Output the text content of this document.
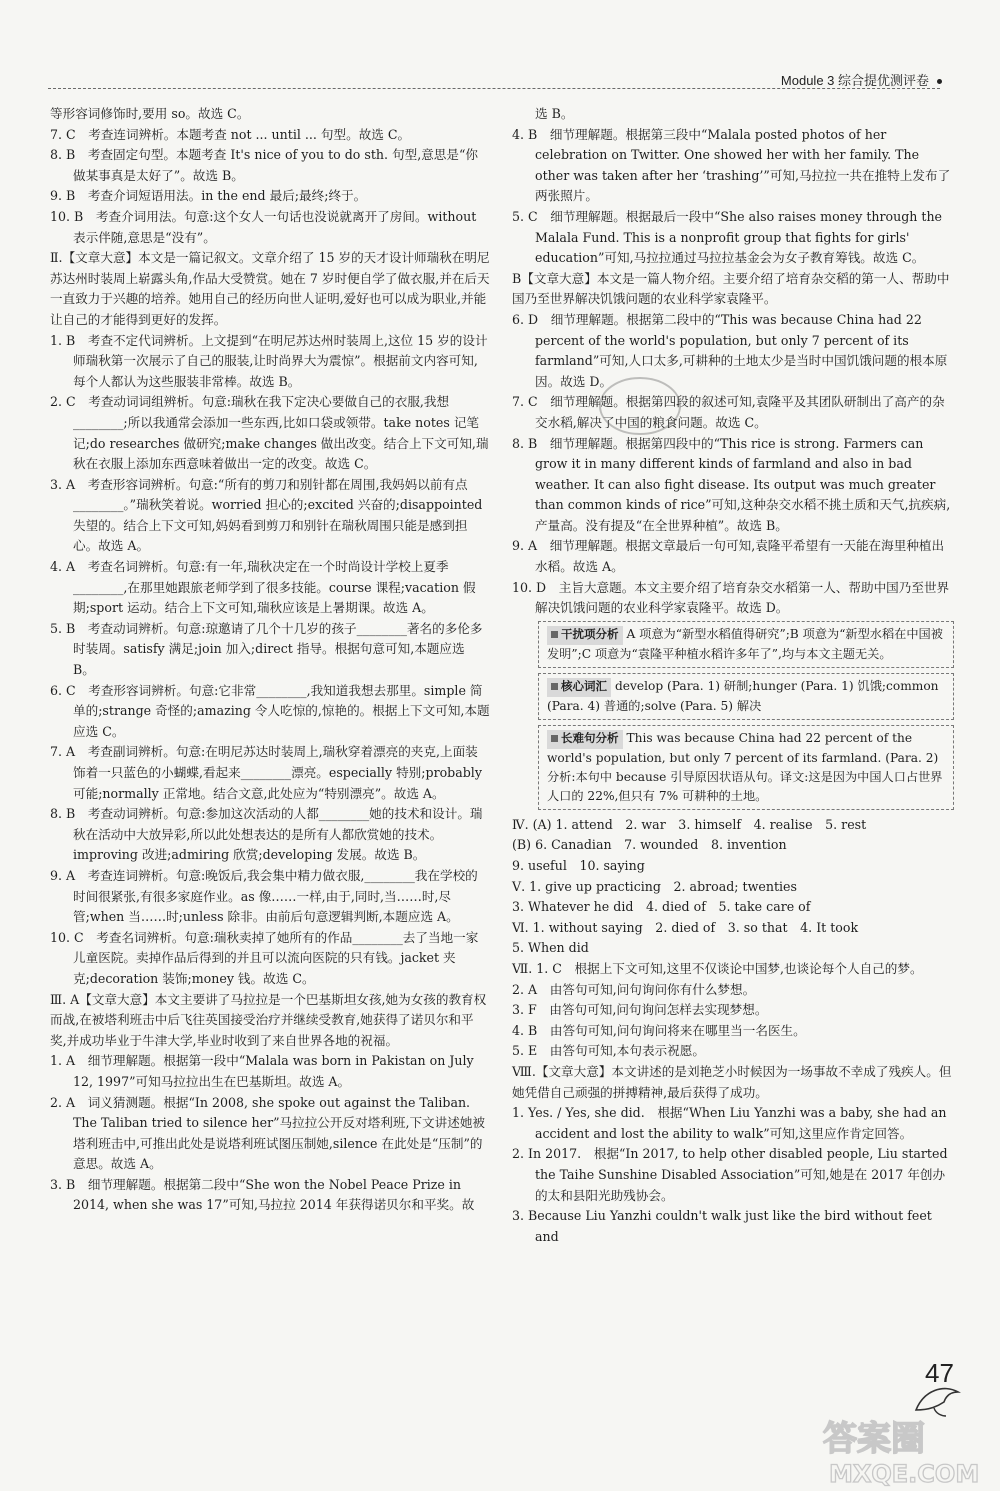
Module 3 综合提优测评卷

等形容词修饰时,要用 so。故选 C。

7. C　考查连词辨析。本题考查 not ... until ... 句型。故选 C。

8. B　考查固定句型。本题考查 It's nice of you to do sth. 句型,意思是“你做某事真是太好了”。故选 B。

9. B　考查介词短语用法。in the end 最后;最终;终于。

10. B　考查介词用法。句意:这个女人一句话也没说就离开了房间。without 表示伴随,意思是“没有”。

Ⅱ.【文章大意】本文是一篇记叙文。文章介绍了 15 岁的天才设计师瑞秋在明尼苏达州时装周上崭露头角,作品大受赞赏。她在 7 岁时便自学了做衣服,并在后天一直致力于兴趣的培养。她用自己的经历向世人证明,爱好也可以成为职业,并能让自己的才能得到更好的发挥。

1. B　考查不定代词辨析。上文提到“在明尼苏达州时装周上,这位 15 岁的设计师瑞秋第一次展示了自己的服装,让时尚界大为震惊”。根据前文内容可知,每个人都认为这些服装非常棒。故选 B。

2. C　考查动词词组辨析。句意:瑞秋在我下定决心要做自己的衣服,我想________;所以我通常会添加一些东西,比如口袋或领带。take notes 记笔记;do researches 做研究;make changes 做出改变。结合上下文可知,瑞秋在衣服上添加东西意味着做出一定的改变。故选 C。

3. A　考查形容词辨析。句意:“所有的剪刀和别针都在周围,我妈妈以前有点________。”瑞秋笑着说。worried 担心的;excited 兴奋的;disappointed 失望的。结合上下文可知,妈妈看到剪刀和别针在瑞秋周围只能是感到担心。故选 A。

4. A　考查名词辨析。句意:有一年,瑞秋决定在一个时尚设计学校上夏季________,在那里她跟旅老师学到了很多技能。course 课程;vacation 假期;sport 运动。结合上下文可知,瑞秋应该是上暑期课。故选 A。

5. B　考查动词辨析。句意:琼邀请了几个十几岁的孩子________著名的多伦多时装周。satisfy 满足;join 加入;direct 指导。根据句意可知,本题应选 B。

6. C　考查形容词辨析。句意:它非常________,我知道我想去那里。simple 简单的;strange 奇怪的;amazing 令人吃惊的,惊艳的。根据上下文可知,本题应选 C。

7. A　考查副词辨析。句意:在明尼苏达时装周上,瑞秋穿着漂亮的夹克,上面装饰着一只蓝色的小蝴蝶,看起来________漂亮。especially 特别;probably 可能;normally 正常地。结合文意,此处应为“特别漂亮”。故选 A。

8. B　考查动词辨析。句意:参加这次活动的人都________她的技术和设计。瑞秋在活动中大放异彩,所以此处想表达的是所有人都欣赏她的技术。improving 改进;admiring 欣赏;developing 发展。故选 B。

9. A　考查连词辨析。句意:晚饭后,我会集中精力做衣服,________我在学校的时间很紧张,有很多家庭作业。as 像……一样,由于,同时,当……时,尽管;when 当……时;unless 除非。由前后句意逻辑判断,本题应选 A。

10. C　考查名词辨析。句意:瑞秋卖掉了她所有的作品________去了当地一家儿童医院。卖掉作品后得到的并且可以流向医院的只有钱。jacket 夹克;decoration 装饰;money 钱。故选 C。

Ⅲ. A【文章大意】本文主要讲了马拉拉是一个巴基斯坦女孩,她为女孩的教育权而战,在被塔利班击中后飞往英国接受治疗并继续受教育,她获得了诺贝尔和平奖,并成功毕业于牛津大学,毕业时收到了来自世界各地的祝福。

1. A　细节理解题。根据第一段中“Malala was born in Pakistan on July 12, 1997”可知马拉拉出生在巴基斯坦。故选 A。

2. A　词义猜测题。根据“In 2008, she spoke out against the Taliban. The Taliban tried to silence her”马拉拉公开反对塔利班,下文讲述她被塔利班击中,可推出此处是说塔利班试图压制她,silence 在此处是“压制”的意思。故选 A。

3. B　细节理解题。根据第二段中“She won the Nobel Peace Prize in 2014, when she was 17”可知,马拉拉 2014 年获得诺贝尔和平奖。故

选 B。

4. B　细节理解题。根据第三段中“Malala posted photos of her celebration on Twitter. One showed her with her family. The other was taken after her ‘trashing’”可知,马拉拉一共在推特上发布了两张照片。

5. C　细节理解题。根据最后一段中“She also raises money through the Malala Fund. This is a nonprofit group that fights for girls' education”可知,马拉拉通过马拉拉基金会为女子教育筹钱。故选 C。

B【文章大意】本文是一篇人物介绍。主要介绍了培育杂交稻的第一人、帮助中国乃至世界解决饥饿问题的农业科学家袁隆平。

6. D　细节理解题。根据第二段中的“This was because China had 22 percent of the world's population, but only 7 percent of its farmland”可知,人口太多,可耕种的土地太少是当时中国饥饿问题的根本原因。故选 D。

7. C　细节理解题。根据第四段的叙述可知,袁隆平及其团队研制出了高产的杂交水稻,解决了中国的粮食问题。故选 C。

8. B　细节理解题。根据第四段中的“This rice is strong. Farmers can grow it in many different kinds of farmland and also in bad weather. It can also fight disease. Its output was much greater than common kinds of rice”可知,这种杂交水稻不挑土质和天气,抗疾病,产量高。没有提及“在全世界种植”。故选 B。

9. A　细节理解题。根据文章最后一句可知,袁隆平希望有一天能在海里种植出水稻。故选 A。

10. D　主旨大意题。本文主要介绍了培育杂交水稻第一人、帮助中国乃至世界解决饥饿问题的农业科学家袁隆平。故选 D。

干扰项分析 A 项意为“新型水稻值得研究”;B 项意为“新型水稻在中国被发明”;C 项意为“袁隆平种植水稻许多年了”,均与本文主题无关。
核心词汇 develop (Para. 1) 研制;hunger (Para. 1) 饥饿;common (Para. 4) 普通的;solve (Para. 5) 解决
长难句分析 This was because China had 22 percent of the world's population, but only 7 percent of its farmland. (Para. 2) 分析:本句中 because 引导原因状语从句。译文:这是因为中国人口占世界人口的 22%,但只有 7% 可耕种的土地。

Ⅳ. (A) 1. attend　2. war　3. himself　4. realise　5. rest

(B) 6. Canadian　7. wounded　8. invention

9. useful　10. saying

Ⅴ. 1. give up practicing　2. abroad; twenties

3. Whatever he did　4. died of　5. take care of

Ⅵ. 1. without saying　2. died of　3. so that　4. It took

5. When did

Ⅶ. 1. C　根据上下文可知,这里不仅谈论中国梦,也谈论每个人自己的梦。

2. A　由答句可知,问句询问你有什么梦想。

3. F　由答句可知,问句询问怎样去实现梦想。

4. B　由答句可知,问句询问将来在哪里当一名医生。

5. E　由答句可知,本句表示祝愿。

Ⅷ.【文章大意】本文讲述的是刘艳芝小时候因为一场事故不幸成了残疾人。但她凭借自己顽强的拼搏精神,最后获得了成功。

1. Yes. / Yes, she did.　根据“When Liu Yanzhi was a baby, she had an accident and lost the ability to walk”可知,这里应作肯定回答。

2. In 2017.　根据“In 2017, to help other disabled people, Liu started the Taihe Sunshine Disabled Association”可知,她是在 2017 年创办的太和县阳光助残协会。

3. Because Liu Yanzhi couldn't walk just like the bird without feet and

47
答案圈
MXQE.COM
